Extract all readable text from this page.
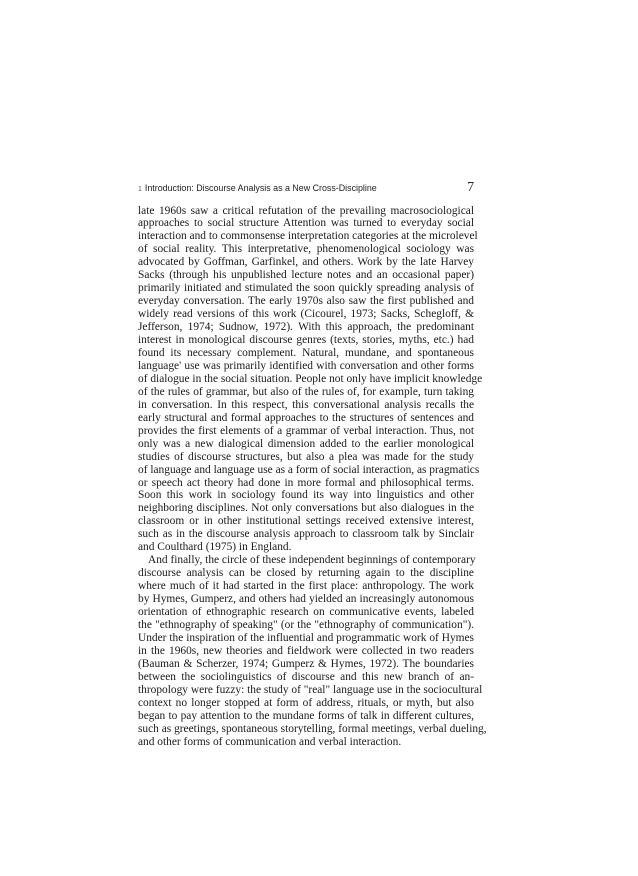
1 Introduction: Discourse Analysis as a New Cross-Discipline	7
late 1960s saw a critical refutation of the prevailing macrosociological
approaches to social structure Attention was turned to everyday social
interaction and to commonsense interpretation categories at the microlevel
of social reality. This interpretative, phenomenological sociology was
advocated by Goffman, Garfinkel, and others. Work by the late Harvey
Sacks (through his unpublished lecture notes and an occasional paper)
primarily initiated and stimulated the soon quickly spreading analysis of
everyday conversation. The early 1970s also saw the first published and
widely read versions of this work (Cicourel, 1973; Sacks, Schegloff, &
Jefferson, 1974; Sudnow, 1972). With this approach, the predominant
interest in monological discourse genres (texts, stories, myths, etc.) had
found its necessary complement. Natural, mundane, and spontaneous
language' use was primarily identified with conversation and other forms
of dialogue in the social situation. People not only have implicit knowledge
of the rules of grammar, but also of the rules of, for example, turn taking
in conversation. In this respect, this conversational analysis recalls the
early structural and formal approaches to the structures of sentences and
provides the first elements of a grammar of verbal interaction. Thus, not
only was a new dialogical dimension added to the earlier monological
studies of discourse structures, but also a plea was made for the study
of language and language use as a form of social interaction, as pragmatics
or speech act theory had done in more formal and philosophical terms.
Soon this work in sociology found its way into linguistics and other
neighboring disciplines. Not only conversations but also dialogues in the
classroom or in other institutional settings received extensive interest,
such as in the discourse analysis approach to classroom talk by Sinclair
and Coulthard (1975) in England.
And finally, the circle of these independent beginnings of contemporary
discourse analysis can be closed by returning again to the discipline
where much of it had started in the first place: anthropology. The work
by Hymes, Gumperz, and others had yielded an increasingly autonomous
orientation of ethnographic research on communicative events, labeled
the "ethnography of speaking" (or the "ethnography of communication").
Under the inspiration of the influential and programmatic work of Hymes
in the 1960s, new theories and fieldwork were collected in two readers
(Bauman & Scherzer, 1974; Gumperz & Hymes, 1972). The boundaries
between the sociolinguistics of discourse and this new branch of an-
thropology were fuzzy: the study of "real" language use in the sociocultural
context no longer stopped at form of address, rituals, or myth, but also
began to pay attention to the mundane forms of talk in different cultures,
such as greetings, spontaneous storytelling, formal meetings, verbal dueling,
and other forms of communication and verbal interaction.
